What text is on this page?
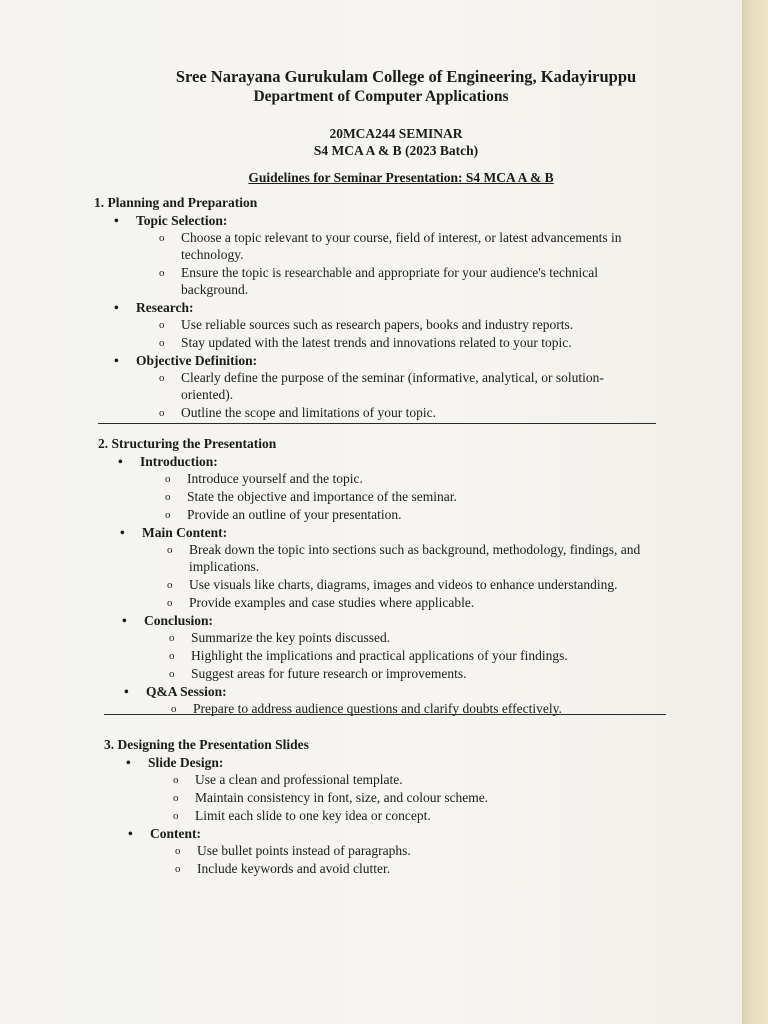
Sree Narayana Gurukulam College of Engineering, Kadayiruppu
Department of Computer Applications
20MCA244 SEMINAR
S4 MCA A & B (2023 Batch)
Guidelines for Seminar Presentation: S4 MCA A & B
1. Planning and Preparation
• Topic Selection:
o Choose a topic relevant to your course, field of interest, or latest advancements in technology.
o Ensure the topic is researchable and appropriate for your audience's technical background.
• Research:
o Use reliable sources such as research papers, books and industry reports.
o Stay updated with the latest trends and innovations related to your topic.
• Objective Definition:
o Clearly define the purpose of the seminar (informative, analytical, or solution-oriented).
o Outline the scope and limitations of your topic.
2. Structuring the Presentation
• Introduction:
o Introduce yourself and the topic.
o State the objective and importance of the seminar.
o Provide an outline of your presentation.
• Main Content:
o Break down the topic into sections such as background, methodology, findings, and implications.
o Use visuals like charts, diagrams, images and videos to enhance understanding.
o Provide examples and case studies where applicable.
• Conclusion:
o Summarize the key points discussed.
o Highlight the implications and practical applications of your findings.
o Suggest areas for future research or improvements.
• Q&A Session:
o Prepare to address audience questions and clarify doubts effectively.
3. Designing the Presentation Slides
• Slide Design:
o Use a clean and professional template.
o Maintain consistency in font, size, and colour scheme.
o Limit each slide to one key idea or concept.
• Content:
o Use bullet points instead of paragraphs.
o Include keywords and avoid clutter.
